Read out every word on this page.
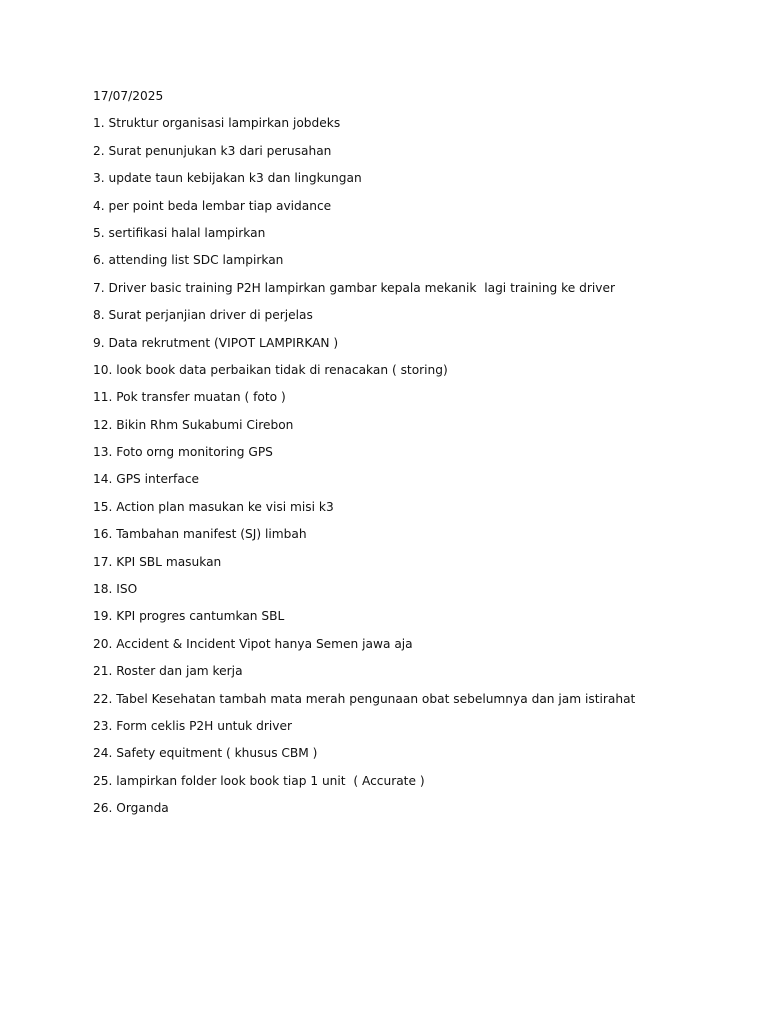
17/07/2025
1. Struktur organisasi lampirkan jobdeks
2. Surat penunjukan k3 dari perusahan
3. update taun kebijakan k3 dan lingkungan
4. per point beda lembar tiap avidance
5. sertifikasi halal lampirkan
6. attending list SDC lampirkan
7. Driver basic training P2H lampirkan gambar kepala mekanik  lagi training ke driver
8. Surat perjanjian driver di perjelas
9. Data rekrutment (VIPOT LAMPIRKAN )
10. look book data perbaikan tidak di renacakan ( storing)
11. Pok transfer muatan ( foto )
12. Bikin Rhm Sukabumi Cirebon
13. Foto orng monitoring GPS
14. GPS interface
15. Action plan masukan ke visi misi k3
16. Tambahan manifest (SJ) limbah
17. KPI SBL masukan
18. ISO
19. KPI progres cantumkan SBL
20. Accident & Incident Vipot hanya Semen jawa aja
21. Roster dan jam kerja
22. Tabel Kesehatan tambah mata merah pengunaan obat sebelumnya dan jam istirahat
23. Form ceklis P2H untuk driver
24. Safety equitment ( khusus CBM )
25. lampirkan folder look book tiap 1 unit  ( Accurate )
26. Organda
